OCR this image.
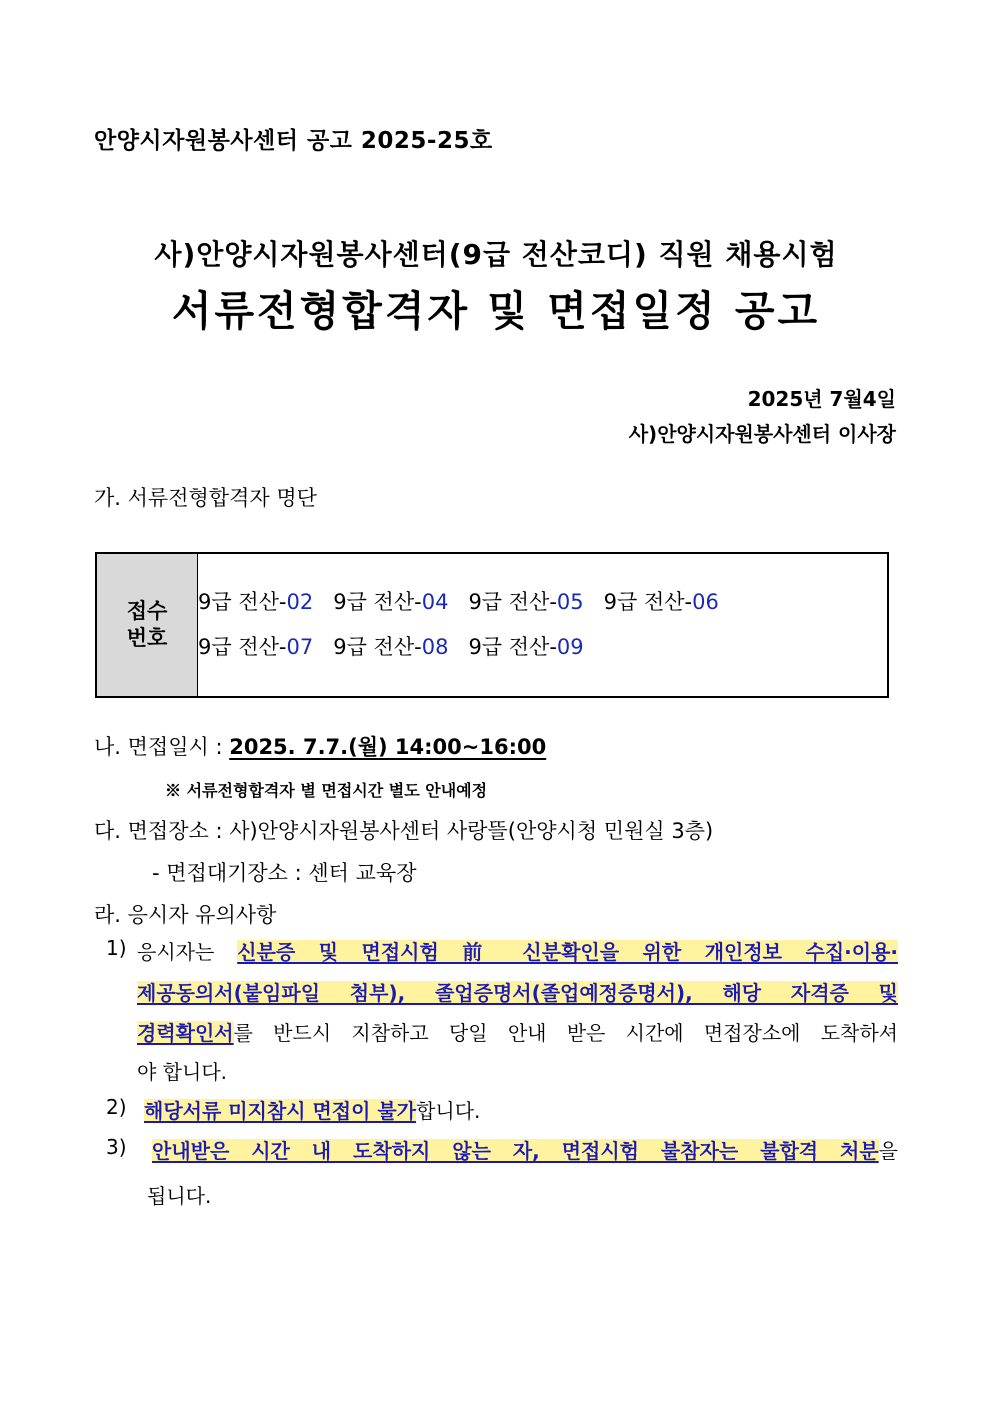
안양시자원봉사센터 공고 2025-25호
사)안양시자원봉사센터(9급 전산코디) 직원 채용시험
서류전형합격자 및 면접일정 공고
2025년 7월4일
사)안양시자원봉사센터 이사장
가. 서류전형합격자 명단
접수
번호

9급 전산-02 9급 전산-04 9급 전산-05 9급 전산-06
9급 전산-07 9급 전산-08 9급 전산-09
나. 면접일시 : 2025. 7.7.(월) 14:00~16:00
※ 서류전형합격자 별 면접시간 별도 안내예정
다. 면접장소 : 사)안양시자원봉사센터 사랑뜰(안양시청 민원실 3층)
- 면접대기장소 : 센터 교육장
라. 응시자 유의사항
1) 응시자는 신분증 및 면접시험 前 신분확인을 위한 개인정보 수집·이용·
제공동의서(붙임파일 첨부), 졸업증명서(졸업예정증명서), 해당 자격증 및
경력확인서를 반드시 지참하고 당일 안내 받은 시간에 면접장소에 도착하셔
야 합니다.
2) 해당서류 미지참시 면접이 불가합니다.
3) 안내받은 시간 내 도착하지 않는 자, 면접시험 불참자는 불합격 처분을
됩니다.
